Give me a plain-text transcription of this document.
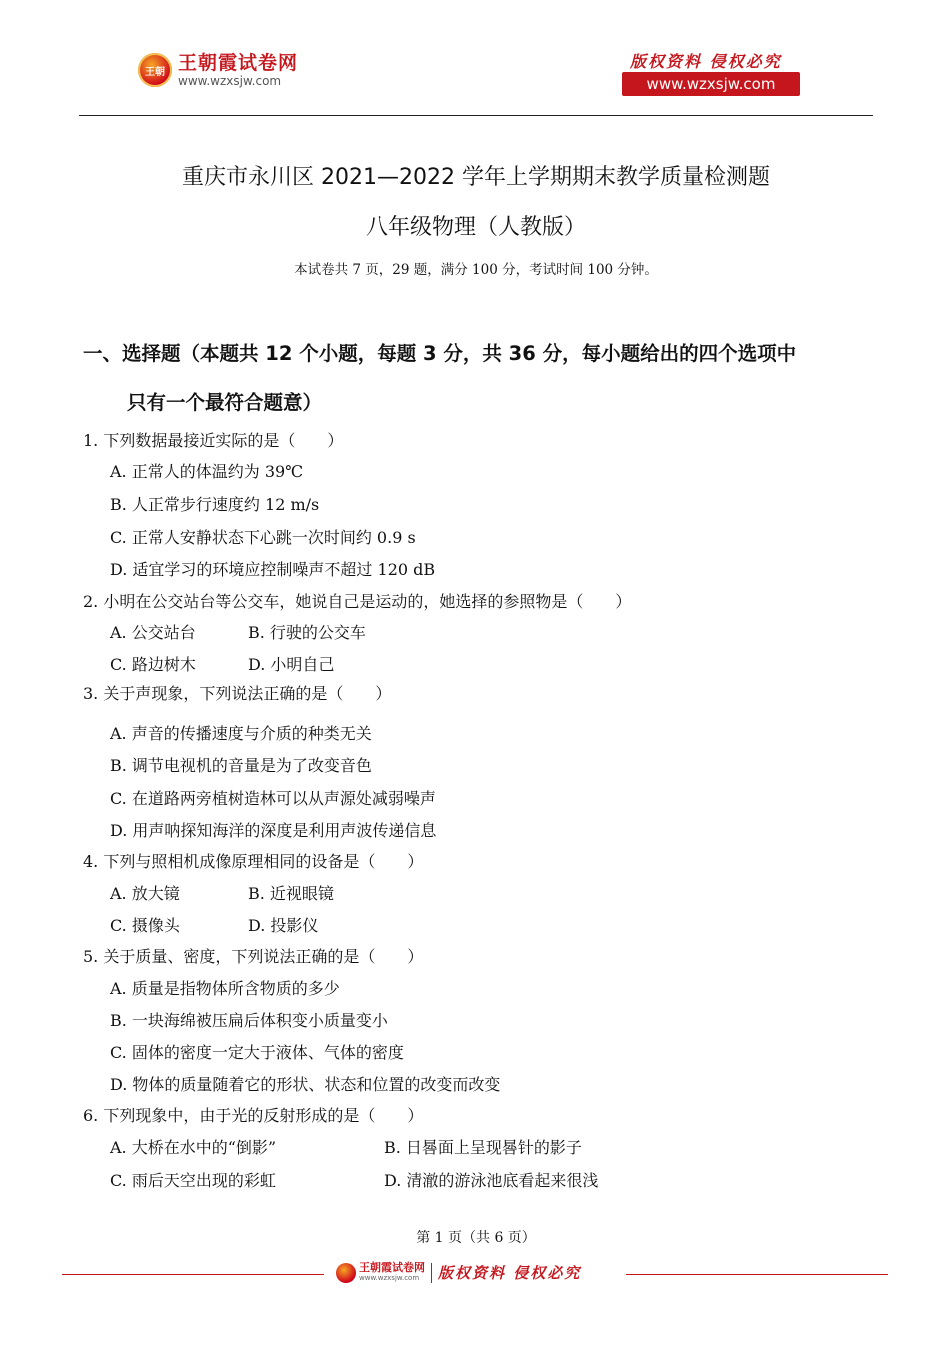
王朝 王朝霞试卷网
www.wzxsjw.com
版权资料 侵权必究
www.wzxsjw.com
重庆市永川区 2021—2022 学年上学期期末教学质量检测题
八年级物理（人教版）
本试卷共 7 页，29 题，满分 100 分，考试时间 100 分钟。
一、选择题（本题共 12 个小题，每题 3 分，共 36 分，每小题给出的四个选项中
只有一个最符合题意）
1. 下列数据最接近实际的是（　　）
A. 正常人的体温约为 39℃
B. 人正常步行速度约 12 m/s
C. 正常人安静状态下心跳一次时间约 0.9 s
D. 适宜学习的环境应控制噪声不超过 120 dB
2. 小明在公交站台等公交车，她说自己是运动的，她选择的参照物是（　　）
A. 公交站台	B. 行驶的公交车
C. 路边树木	D. 小明自己
3. 关于声现象，下列说法正确的是（　　）
A. 声音的传播速度与介质的种类无关
B. 调节电视机的音量是为了改变音色
C. 在道路两旁植树造林可以从声源处减弱噪声
D. 用声呐探知海洋的深度是利用声波传递信息
4. 下列与照相机成像原理相同的设备是（　　）
A. 放大镜	B. 近视眼镜
C. 摄像头	D. 投影仪
5. 关于质量、密度，下列说法正确的是（　　）
A. 质量是指物体所含物质的多少
B. 一块海绵被压扁后体积变小质量变小
C. 固体的密度一定大于液体、气体的密度
D. 物体的质量随着它的形状、状态和位置的改变而改变
6. 下列现象中，由于光的反射形成的是（　　）
A. 大桥在水中的“倒影”	B. 日晷面上呈现晷针的影子
C. 雨后天空出现的彩虹	D. 清澈的游泳池底看起来很浅
第 1 页（共 6 页）
王朝霞试卷网
www.wzxsjw.com	版权资料 侵权必究
